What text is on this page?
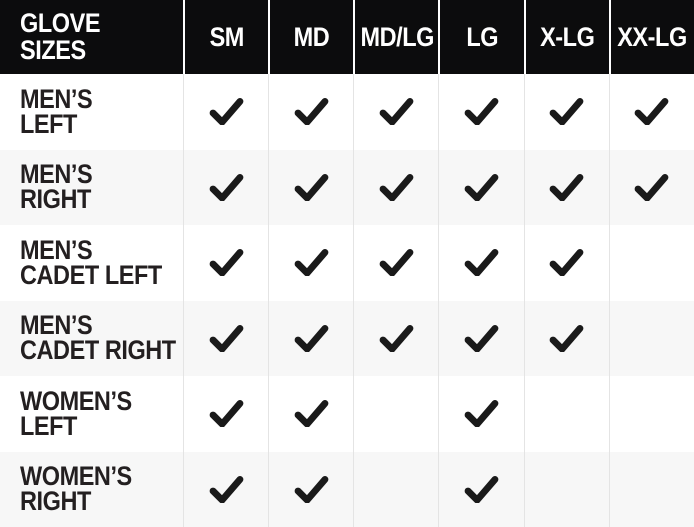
GLOVE
SIZES	SM MD MD/LG LG X-LG XX-LG
MEN’S
LEFT
MEN’S
RIGHT
MEN’S
CADET LEFT
MEN’S
CADET RIGHT
WOMEN’S
LEFT
WOMEN’S
RIGHT
